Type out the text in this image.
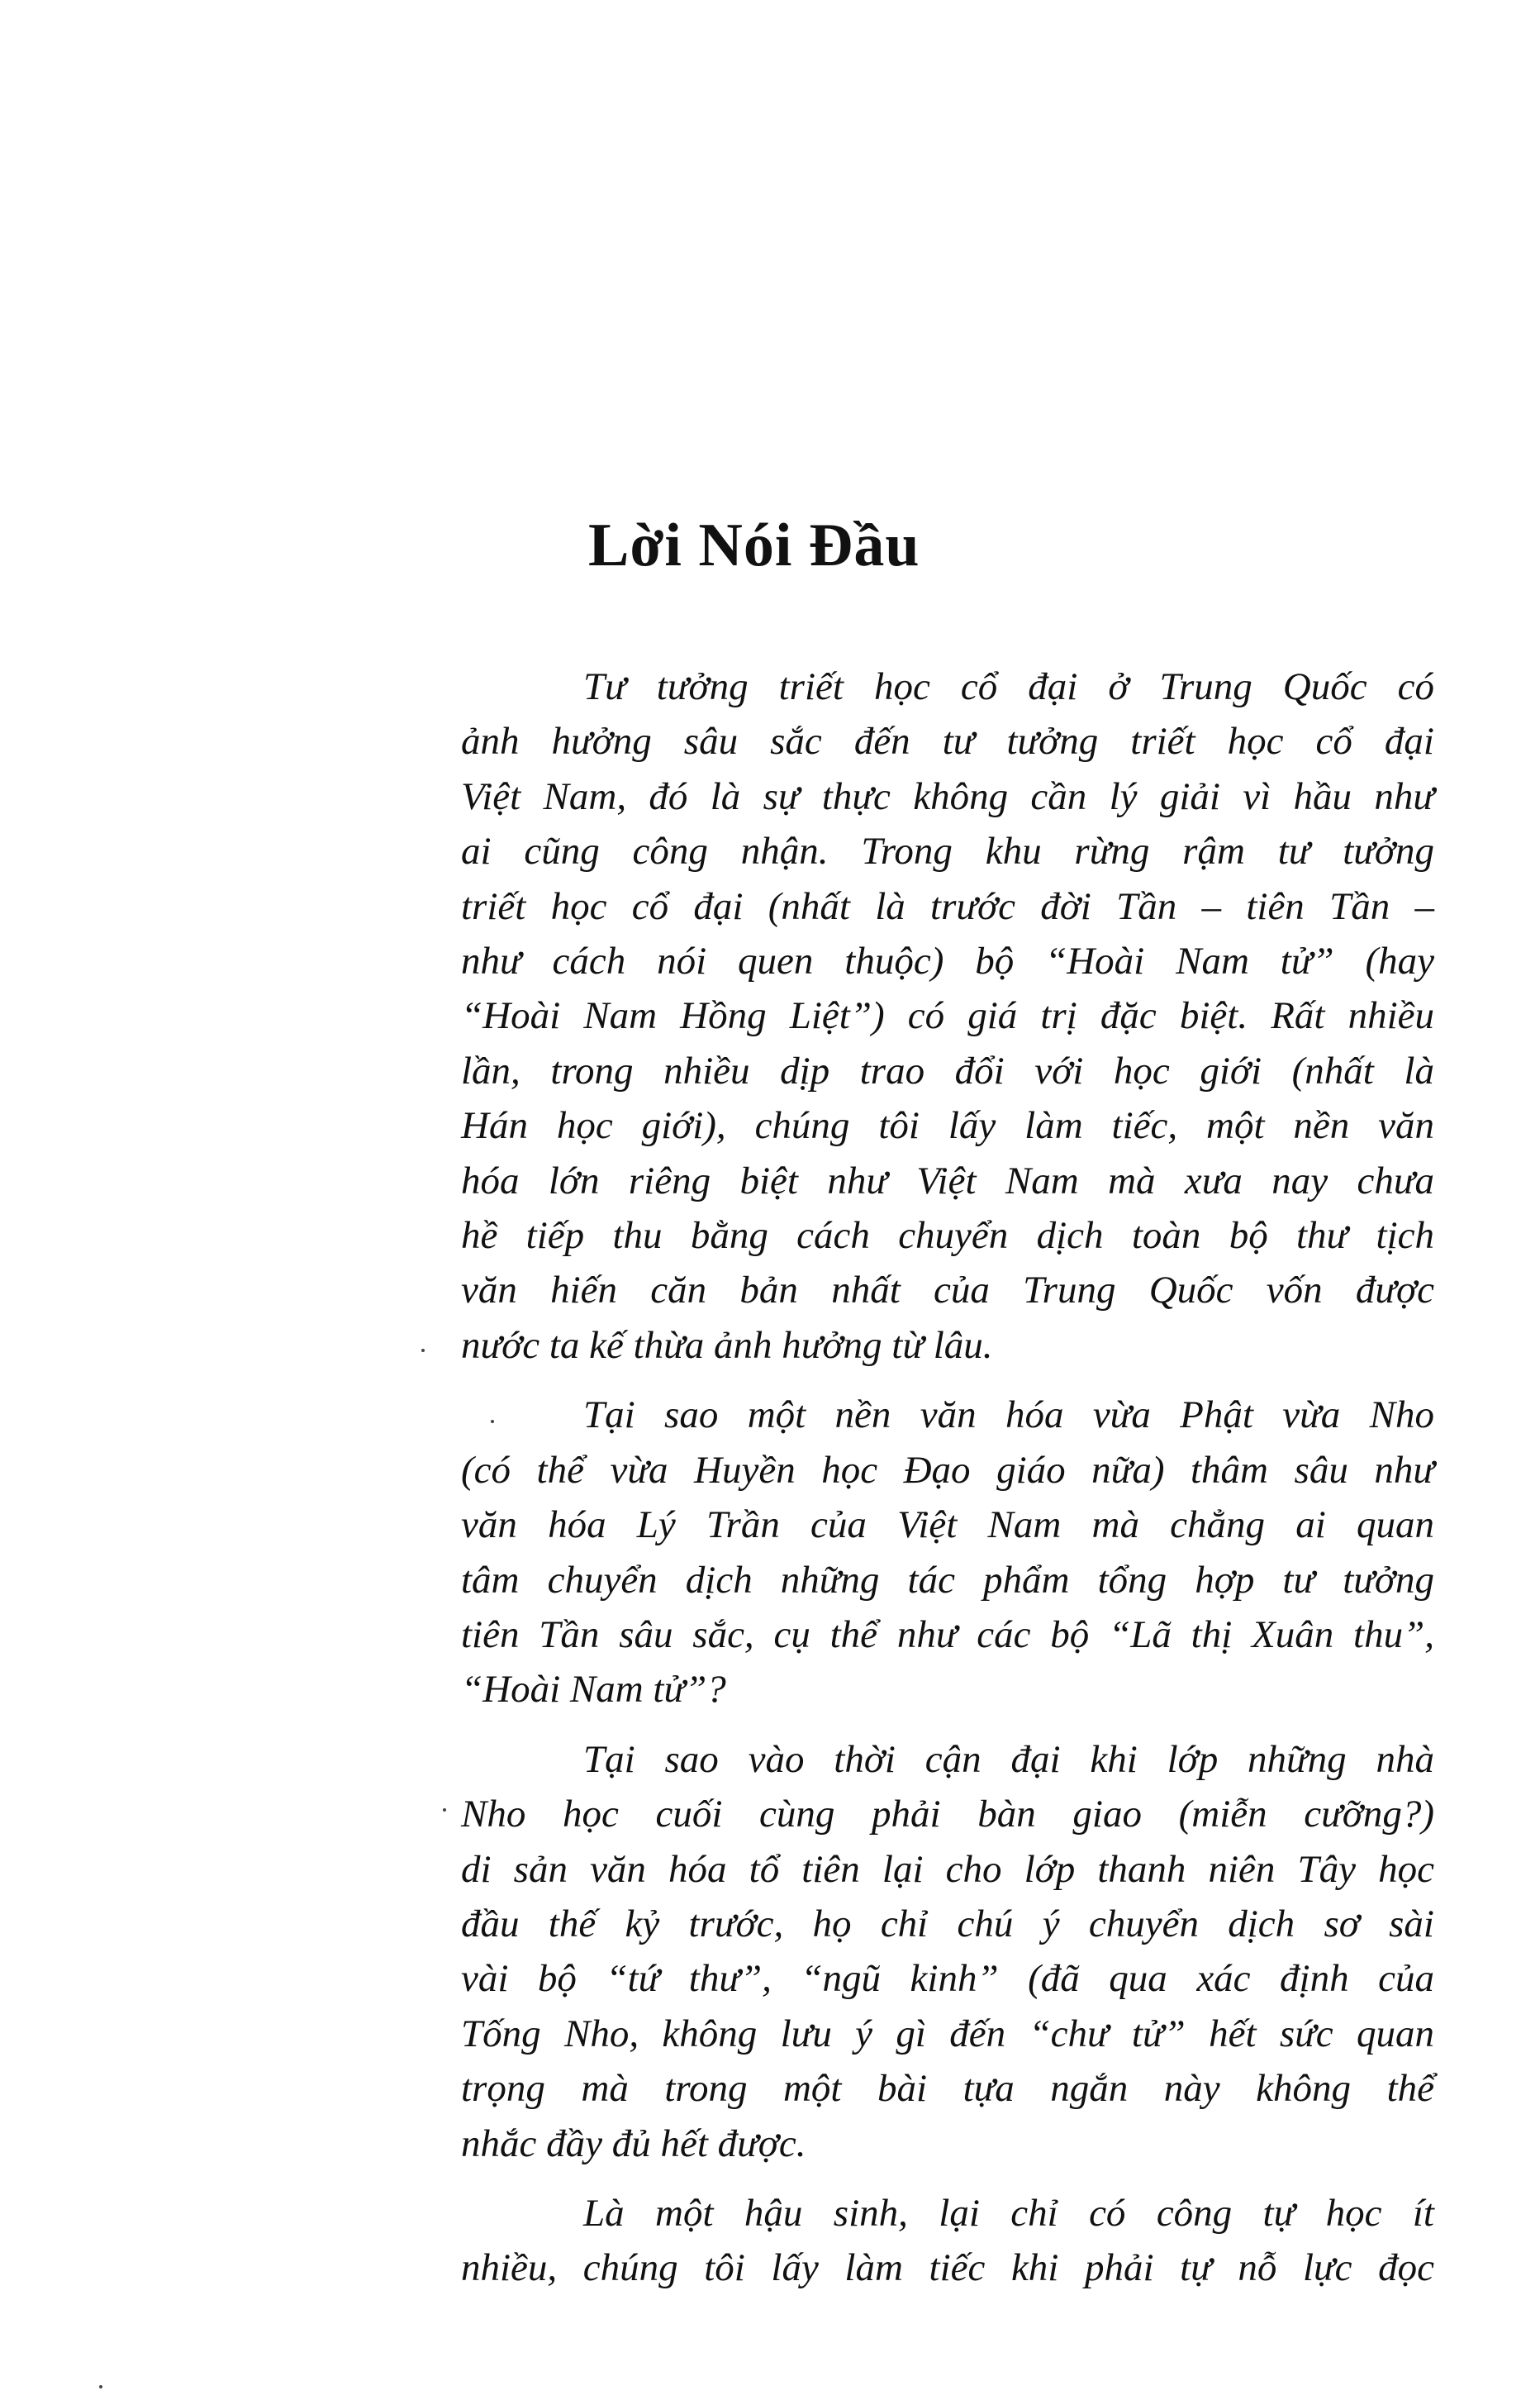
Lời Nói Đầu

Tư tưởng triết học cổ đại ở Trung Quốc có
ảnh hưởng sâu sắc đến tư tưởng triết học cổ đại
Việt Nam, đó là sự thực không cần lý giải vì hầu như
ai cũng công nhận. Trong khu rừng rậm tư tưởng
triết học cổ đại (nhất là trước đời Tần – tiên Tần –
như cách nói quen thuộc) bộ “Hoài Nam tử” (hay
“Hoài Nam Hồng Liệt”) có giá trị đặc biệt. Rất nhiều
lần, trong nhiều dịp trao đổi với học giới (nhất là
Hán học giới), chúng tôi lấy làm tiếc, một nền văn
hóa lớn riêng biệt như Việt Nam mà xưa nay chưa
hề tiếp thu bằng cách chuyển dịch toàn bộ thư tịch
văn hiến căn bản nhất của Trung Quốc vốn được
nước ta kế thừa ảnh hưởng từ lâu.

Tại sao một nền văn hóa vừa Phật vừa Nho
(có thể vừa Huyền học Đạo giáo nữa) thâm sâu như
văn hóa Lý Trần của Việt Nam mà chẳng ai quan
tâm chuyển dịch những tác phẩm tổng hợp tư tưởng
tiên Tần sâu sắc, cụ thể như các bộ “Lã thị Xuân thu”,
“Hoài Nam tử”?

Tại sao vào thời cận đại khi lớp những nhà
Nho học cuối cùng phải bàn giao (miễn cưỡng?)
di sản văn hóa tổ tiên lại cho lớp thanh niên Tây học
đầu thế kỷ trước, họ chỉ chú ý chuyển dịch sơ sài
vài bộ “tứ thư”, “ngũ kinh” (đã qua xác định của
Tống Nho, không lưu ý gì đến “chư tử” hết sức quan
trọng mà trong một bài tựa ngắn này không thể
nhắc đầy đủ hết được.

Là một hậu sinh, lại chỉ có công tự học ít
nhiều, chúng tôi lấy làm tiếc khi phải tự nỗ lực đọc
